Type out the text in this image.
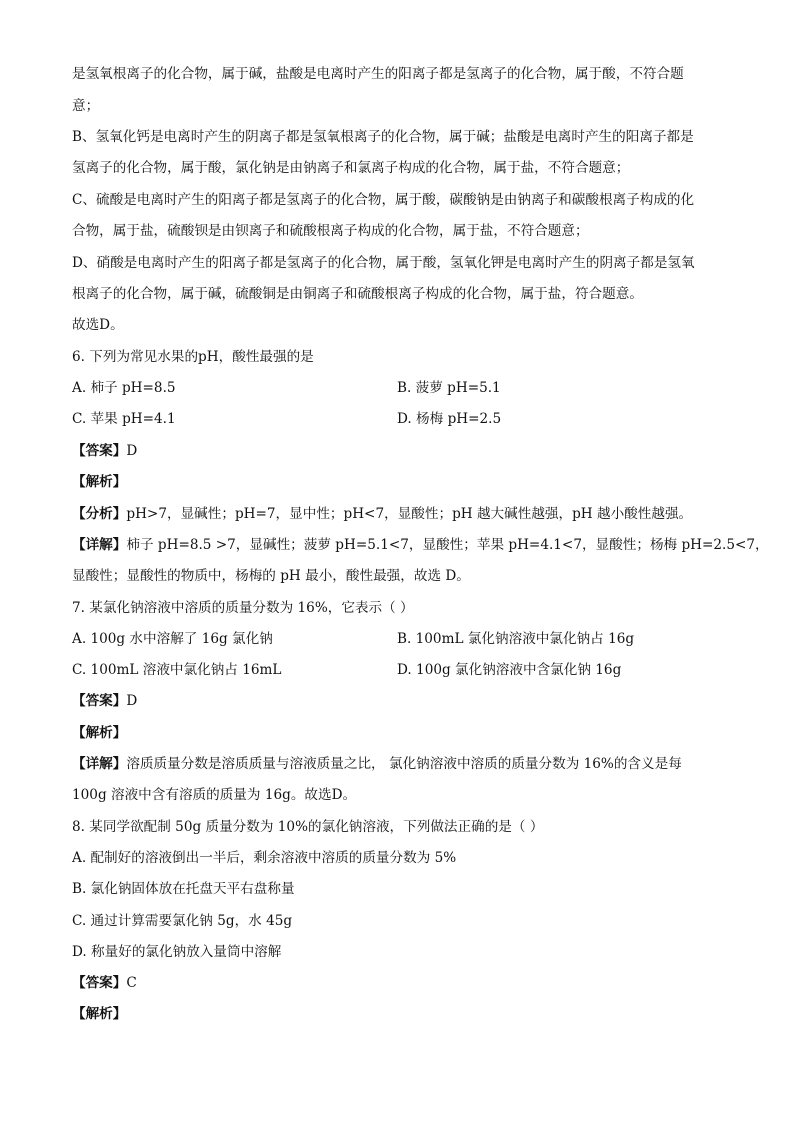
是氢氧根离子的化合物，属于碱，盐酸是电离时产生的阳离子都是氢离子的化合物，属于酸，不符合题
意；
B、氢氧化钙是电离时产生的阴离子都是氢氧根离子的化合物，属于碱；盐酸是电离时产生的阳离子都是
氢离子的化合物，属于酸，氯化钠是由钠离子和氯离子构成的化合物，属于盐，不符合题意；
C、硫酸是电离时产生的阳离子都是氢离子的化合物，属于酸，碳酸钠是由钠离子和碳酸根离子构成的化
合物，属于盐，硫酸钡是由钡离子和硫酸根离子构成的化合物，属于盐，不符合题意；
D、硝酸是电离时产生的阳离子都是氢离子的化合物，属于酸，氢氧化钾是电离时产生的阴离子都是氢氧
根离子的化合物，属于碱，硫酸铜是由铜离子和硫酸根离子构成的化合物，属于盐，符合题意。
故选D。
6. 下列为常见水果的pH，酸性最强的是
A. 柿子 pH=8.5	B. 菠萝 pH=5.1
C. 苹果 pH=4.1	D. 杨梅 pH=2.5
【答案】D
【解析】
【分析】pH>7，显碱性；pH=7，显中性；pH<7，显酸性；pH 越大碱性越强，pH 越小酸性越强。
【详解】柿子 pH=8.5 >7，显碱性；菠萝 pH=5.1<7，显酸性；苹果 pH=4.1<7，显酸性；杨梅 pH=2.5<7，
显酸性；显酸性的物质中，杨梅的 pH 最小，酸性最强，故选 D。
7. 某氯化钠溶液中溶质的质量分数为 16%，它表示（ ）
A. 100g 水中溶解了 16g 氯化钠	B. 100mL 氯化钠溶液中氯化钠占 16g
C. 100mL 溶液中氯化钠占 16mL	D. 100g 氯化钠溶液中含氯化钠 16g
【答案】D
【解析】
【详解】溶质质量分数是溶质质量与溶液质量之比， 氯化钠溶液中溶质的质量分数为 16%的含义是每
100g 溶液中含有溶质的质量为 16g。故选D。
8. 某同学欲配制 50g 质量分数为 10%的氯化钠溶液，下列做法正确的是（ ）
A. 配制好的溶液倒出一半后，剩余溶液中溶质的质量分数为 5%
B. 氯化钠固体放在托盘天平右盘称量
C. 通过计算需要氯化钠 5g，水 45g
D. 称量好的氯化钠放入量筒中溶解
【答案】C
【解析】
